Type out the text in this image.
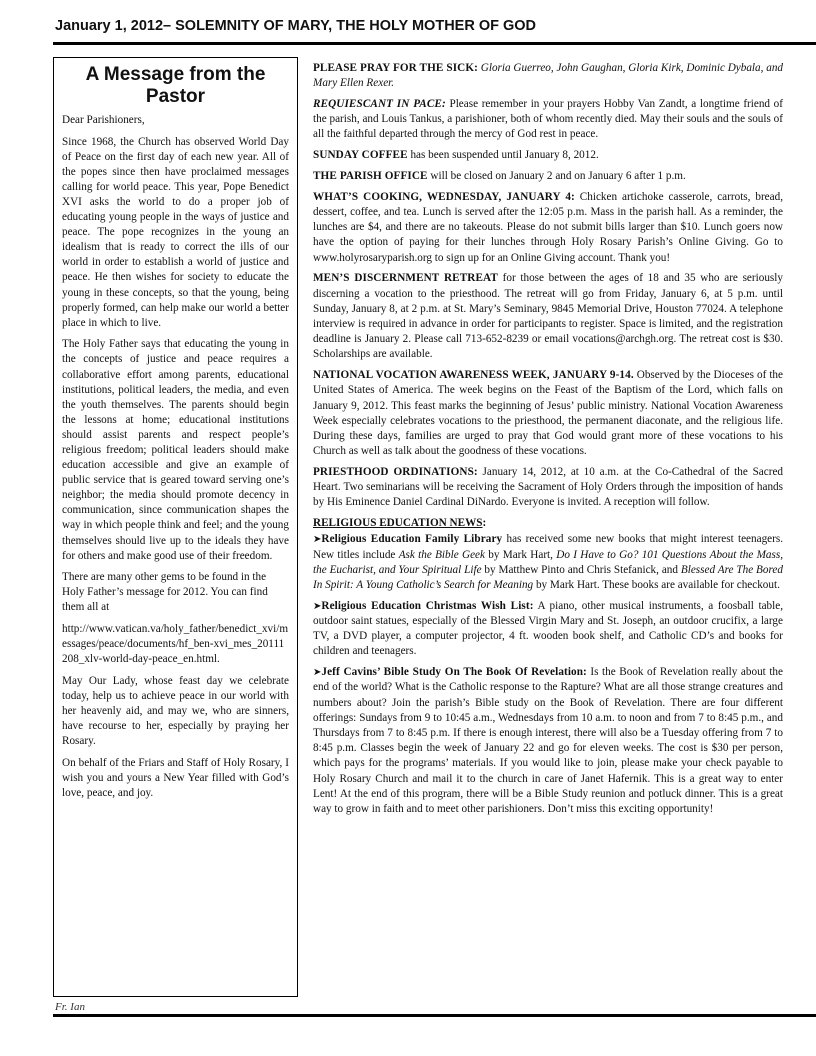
January 1, 2012– SOLEMNITY OF MARY, THE HOLY MOTHER OF GOD
A Message from the Pastor

Dear Parishioners,

Since 1968, the Church has observed World Day of Peace on the first day of each new year. All of the popes since then have proclaimed messages calling for world peace. This year, Pope Benedict XVI asks the world to do a proper job of educating young people in the ways of justice and peace. The pope recognizes in the young an idealism that is ready to correct the ills of our world in order to establish a world of justice and peace. He then wishes for society to educate the young in these concepts, so that the young, being properly formed, can help make our world a better place in which to live.

The Holy Father says that educating the young in the concepts of justice and peace requires a collaborative effort among parents, educational institutions, political leaders, the media, and even the youth themselves. The parents should begin the lessons at home; educational institutions should assist parents and respect people’s religious freedom; political leaders should make education accessible and give an example of public service that is geared toward serving one’s neighbor; the media should promote decency in communication, since communication shapes the way in which people think and feel; and the young themselves should live up to the ideals they have for others and make good use of their freedom.

There are many other gems to be found in the Holy Father’s message for 2012. You can find them all at

http://www.vatican.va/holy_father/benedict_xvi/messages/peace/documents/hf_ben-xvi_mes_20111208_xlv-world-day-peace_en.html.

May Our Lady, whose feast day we celebrate today, help us to achieve peace in our world with her heavenly aid, and may we, who are sinners, have recourse to her, especially by praying her Rosary.

On behalf of the Friars and Staff of Holy Rosary, I wish you and yours a New Year filled with God’s love, peace, and joy.

Fr. Ian

PLEASE PRAY FOR THE SICK: Gloria Guerreo, John Gaughan, Gloria Kirk, Dominic Dybala, and Mary Ellen Rexer.

REQUIESCANT IN PACE: Please remember in your prayers Hobby Van Zandt, a longtime friend of the parish, and Louis Tankus, a parishioner, both of whom recently died. May their souls and the souls of all the faithful departed through the mercy of God rest in peace.

SUNDAY COFFEE has been suspended until January 8, 2012.

THE PARISH OFFICE will be closed on January 2 and on January 6 after 1 p.m.

WHAT’S COOKING, WEDNESDAY, JANUARY 4: Chicken artichoke casserole, carrots, bread, dessert, coffee, and tea. Lunch is served after the 12:05 p.m. Mass in the parish hall. As a reminder, the lunches are $4, and there are no takeouts. Please do not submit bills larger than $10. Lunch goers now have the option of paying for their lunches through Holy Rosary Parish’s Online Giving. Go to www.holyrosaryparish.org to sign up for an Online Giving account. Thank you!

MEN’S DISCERNMENT RETREAT for those between the ages of 18 and 35 who are seriously discerning a vocation to the priesthood. The retreat will go from Friday, January 6, at 5 p.m. until Sunday, January 8, at 2 p.m. at St. Mary’s Seminary, 9845 Memorial Drive, Houston 77024. A telephone interview is required in advance in order for participants to register. Space is limited, and the registration deadline is January 2. Please call 713-652-8239 or email vocations@archgh.org. The retreat cost is $30. Scholarships are available.

NATIONAL VOCATION AWARENESS WEEK, JANUARY 9-14. Observed by the Dioceses of the United States of America. The week begins on the Feast of the Baptism of the Lord, which falls on January 9, 2012. This feast marks the beginning of Jesus’ public ministry. National Vocation Awareness Week especially celebrates vocations to the priesthood, the permanent diaconate, and the religious life. During these days, families are urged to pray that God would grant more of these vocations to his Church as well as talk about the goodness of these vocations.

PRIESTHOOD ORDINATIONS: January 14, 2012, at 10 a.m. at the Co-Cathedral of the Sacred Heart. Two seminarians will be receiving the Sacrament of Holy Orders through the imposition of hands by His Eminence Daniel Cardinal DiNardo. Everyone is invited. A reception will follow.

RELIGIOUS EDUCATION NEWS:

➤Religious Education Family Library has received some new books that might interest teenagers. New titles include Ask the Bible Geek by Mark Hart, Do I Have to Go? 101 Questions About the Mass, the Eucharist, and Your Spiritual Life by Matthew Pinto and Chris Stefanick, and Blessed Are The Bored In Spirit: A Young Catholic’s Search for Meaning by Mark Hart. These books are available for checkout.

➤Religious Education Christmas Wish List: A piano, other musical instruments, a foosball table, outdoor saint statues, especially of the Blessed Virgin Mary and St. Joseph, an outdoor crucifix, a large TV, a DVD player, a computer projector, 4 ft. wooden book shelf, and Catholic CD’s and books for children and teenagers.

➤Jeff Cavins’ Bible Study On The Book Of Revelation: Is the Book of Revelation really about the end of the world? What is the Catholic response to the Rapture? What are all those strange creatures and numbers about? Join the parish’s Bible study on the Book of Revelation. There are four different offerings: Sundays from 9 to 10:45 a.m., Wednesdays from 10 a.m. to noon and from 7 to 8:45 p.m., and Thursdays from 7 to 8:45 p.m. If there is enough interest, there will also be a Tuesday offering from 7 to 8:45 p.m. Classes begin the week of January 22 and go for eleven weeks. The cost is $30 per person, which pays for the programs’ materials. If you would like to join, please make your check payable to Holy Rosary Church and mail it to the church in care of Janet Hafernik. This is a great way to enter Lent! At the end of this program, there will be a Bible Study reunion and potluck dinner. This is a great way to grow in faith and to meet other parishioners. Don’t miss this exciting opportunity!
